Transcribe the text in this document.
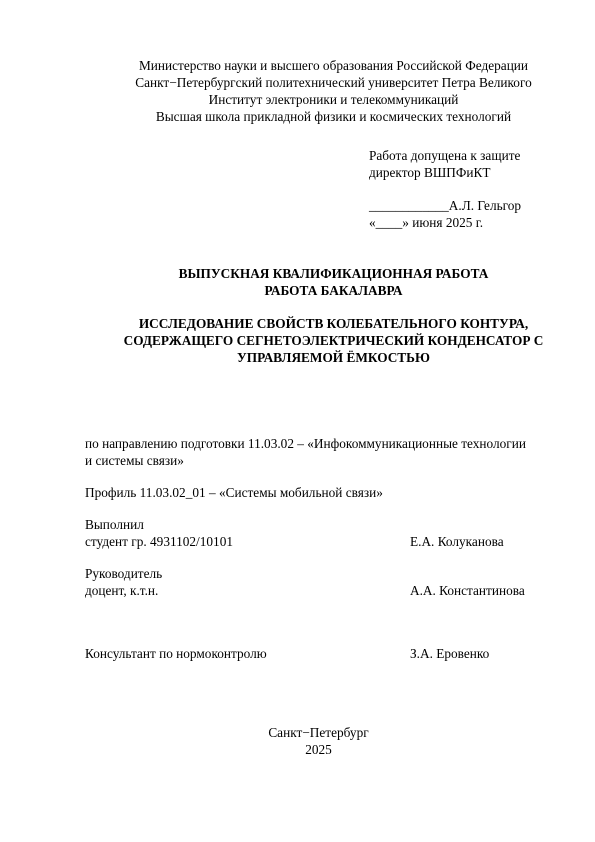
Министерство науки и высшего образования Российской Федерации
Санкт−Петербургский политехнический университет Петра Великого
Институт электроники и телекоммуникаций
Высшая школа прикладной физики и космических технологий
Работа допущена к защите
директор ВШПФиКТ
____________А.Л. Гельгор
«____» июня 2025 г.
ВЫПУСКНАЯ КВАЛИФИКАЦИОННАЯ РАБОТА
РАБОТА БАКАЛАВРА
ИССЛЕДОВАНИЕ СВОЙСТВ КОЛЕБАТЕЛЬНОГО КОНТУРА,
СОДЕРЖАЩЕГО СЕГНЕТОЭЛЕКТРИЧЕСКИЙ КОНДЕНСАТОР С
УПРАВЛЯЕМОЙ ЁМКОСТЬЮ
по направлению подготовки 11.03.02 – «Инфокоммуникационные технологии
и системы связи»
Профиль 11.03.02_01 – «Системы мобильной связи»
Выполнил
студент гр. 4931102/10101	Е.А. Колуканова
Руководитель
доцент, к.т.н.	А.А. Константинова
Консультант по нормоконтролю	З.А. Еровенко
Санкт−Петербург
2025
